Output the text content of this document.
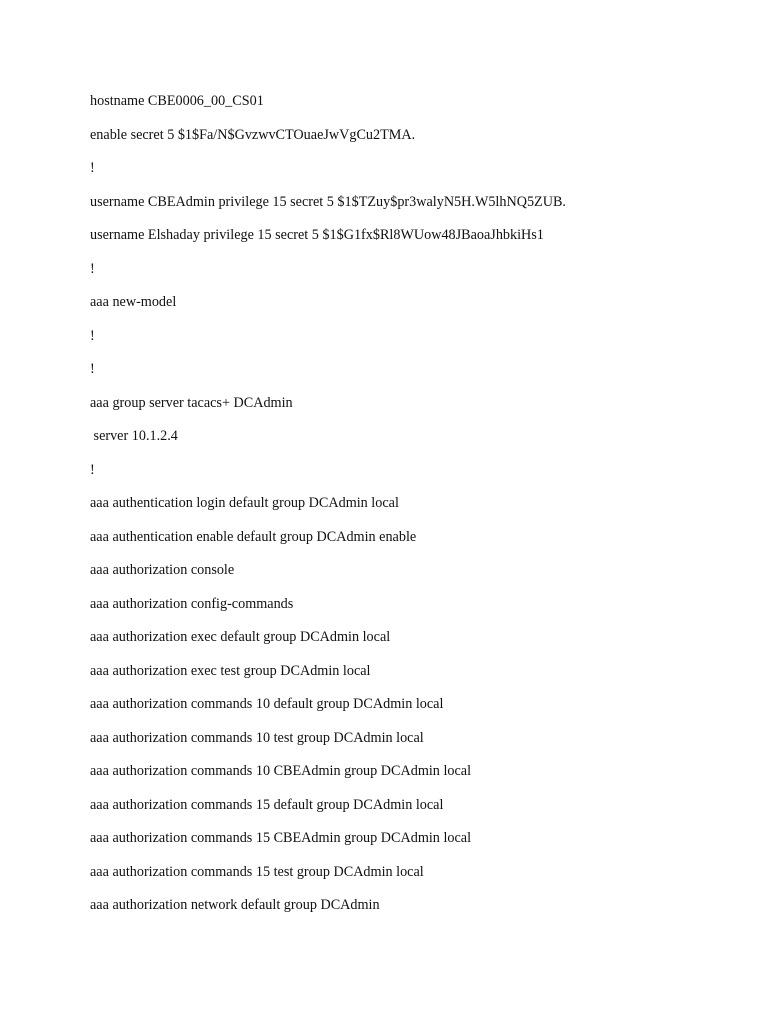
hostname CBE0006_00_CS01
enable secret 5 $1$Fa/N$GvzwvCTOuaeJwVgCu2TMA.
!
username CBEAdmin privilege 15 secret 5 $1$TZuy$pr3walyN5H.W5lhNQ5ZUB.
username Elshaday privilege 15 secret 5 $1$G1fx$Rl8WUow48JBaoaJhbkiHs1
!
aaa new-model
!
!
aaa group server tacacs+ DCAdmin
server 10.1.2.4
!
aaa authentication login default group DCAdmin local
aaa authentication enable default group DCAdmin enable
aaa authorization console
aaa authorization config-commands
aaa authorization exec default group DCAdmin local
aaa authorization exec test group DCAdmin local
aaa authorization commands 10 default group DCAdmin local
aaa authorization commands 10 test group DCAdmin local
aaa authorization commands 10 CBEAdmin group DCAdmin local
aaa authorization commands 15 default group DCAdmin local
aaa authorization commands 15 CBEAdmin group DCAdmin local
aaa authorization commands 15 test group DCAdmin local
aaa authorization network default group DCAdmin
